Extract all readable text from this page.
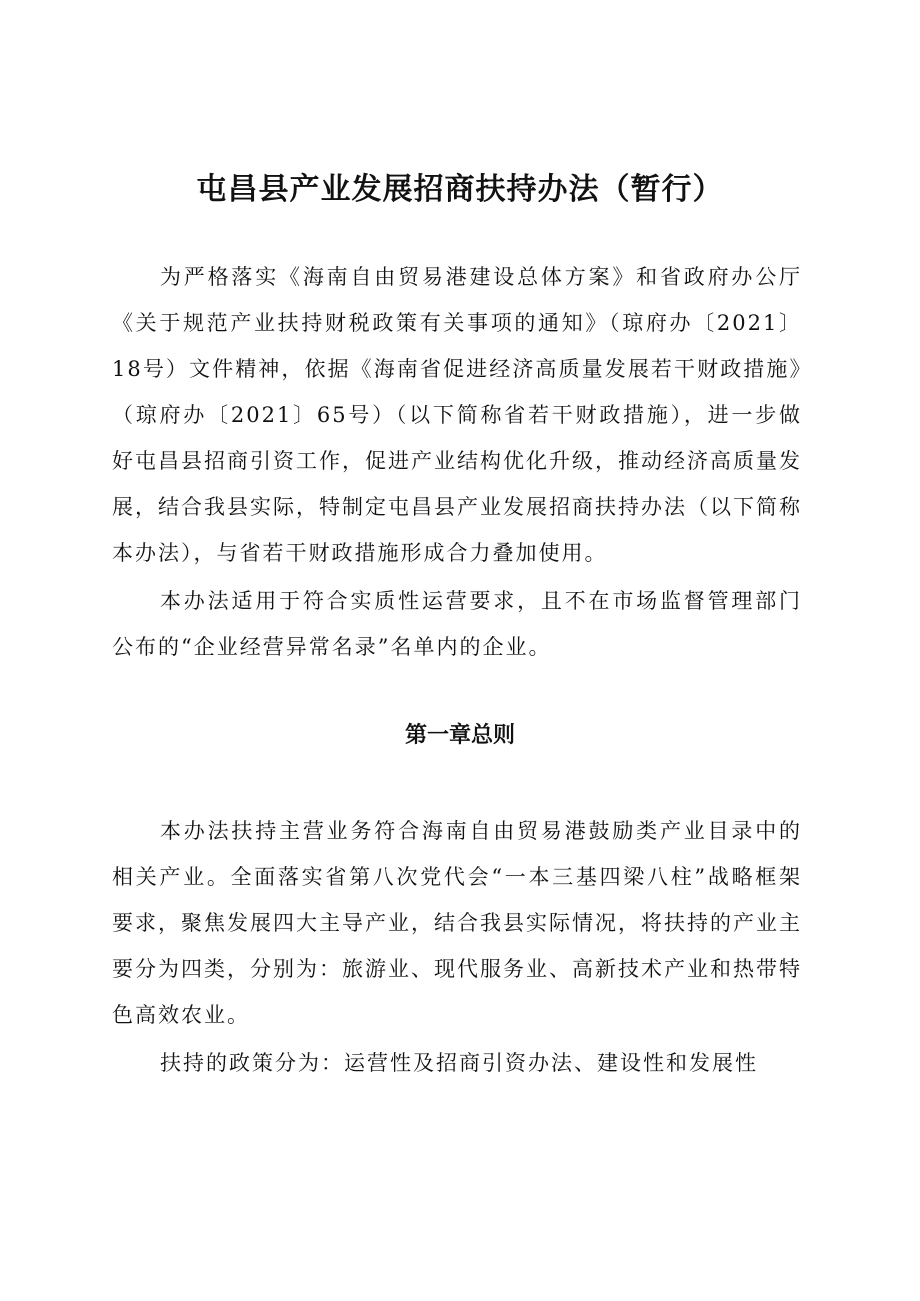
屯昌县产业发展招商扶持办法（暂行）

为严格落实《海南自由贸易港建设总体方案》和省政府办公厅《关于规范产业扶持财税政策有关事项的通知》（琼府办〔2021〕18号）文件精神，依据《海南省促进经济高质量发展若干财政措施》（琼府办〔2021〕65号）（以下简称省若干财政措施），进一步做好屯昌县招商引资工作，促进产业结构优化升级，推动经济高质量发展，结合我县实际，特制定屯昌县产业发展招商扶持办法（以下简称本办法），与省若干财政措施形成合力叠加使用。

本办法适用于符合实质性运营要求，且不在市场监督管理部门公布的“企业经营异常名录”名单内的企业。

第一章总则

本办法扶持主营业务符合海南自由贸易港鼓励类产业目录中的相关产业。全面落实省第八次党代会“一本三基四梁八柱”战略框架要求，聚焦发展四大主导产业，结合我县实际情况，将扶持的产业主要分为四类，分别为：旅游业、现代服务业、高新技术产业和热带特色高效农业。

扶持的政策分为：运营性及招商引资办法、建设性和发展性
